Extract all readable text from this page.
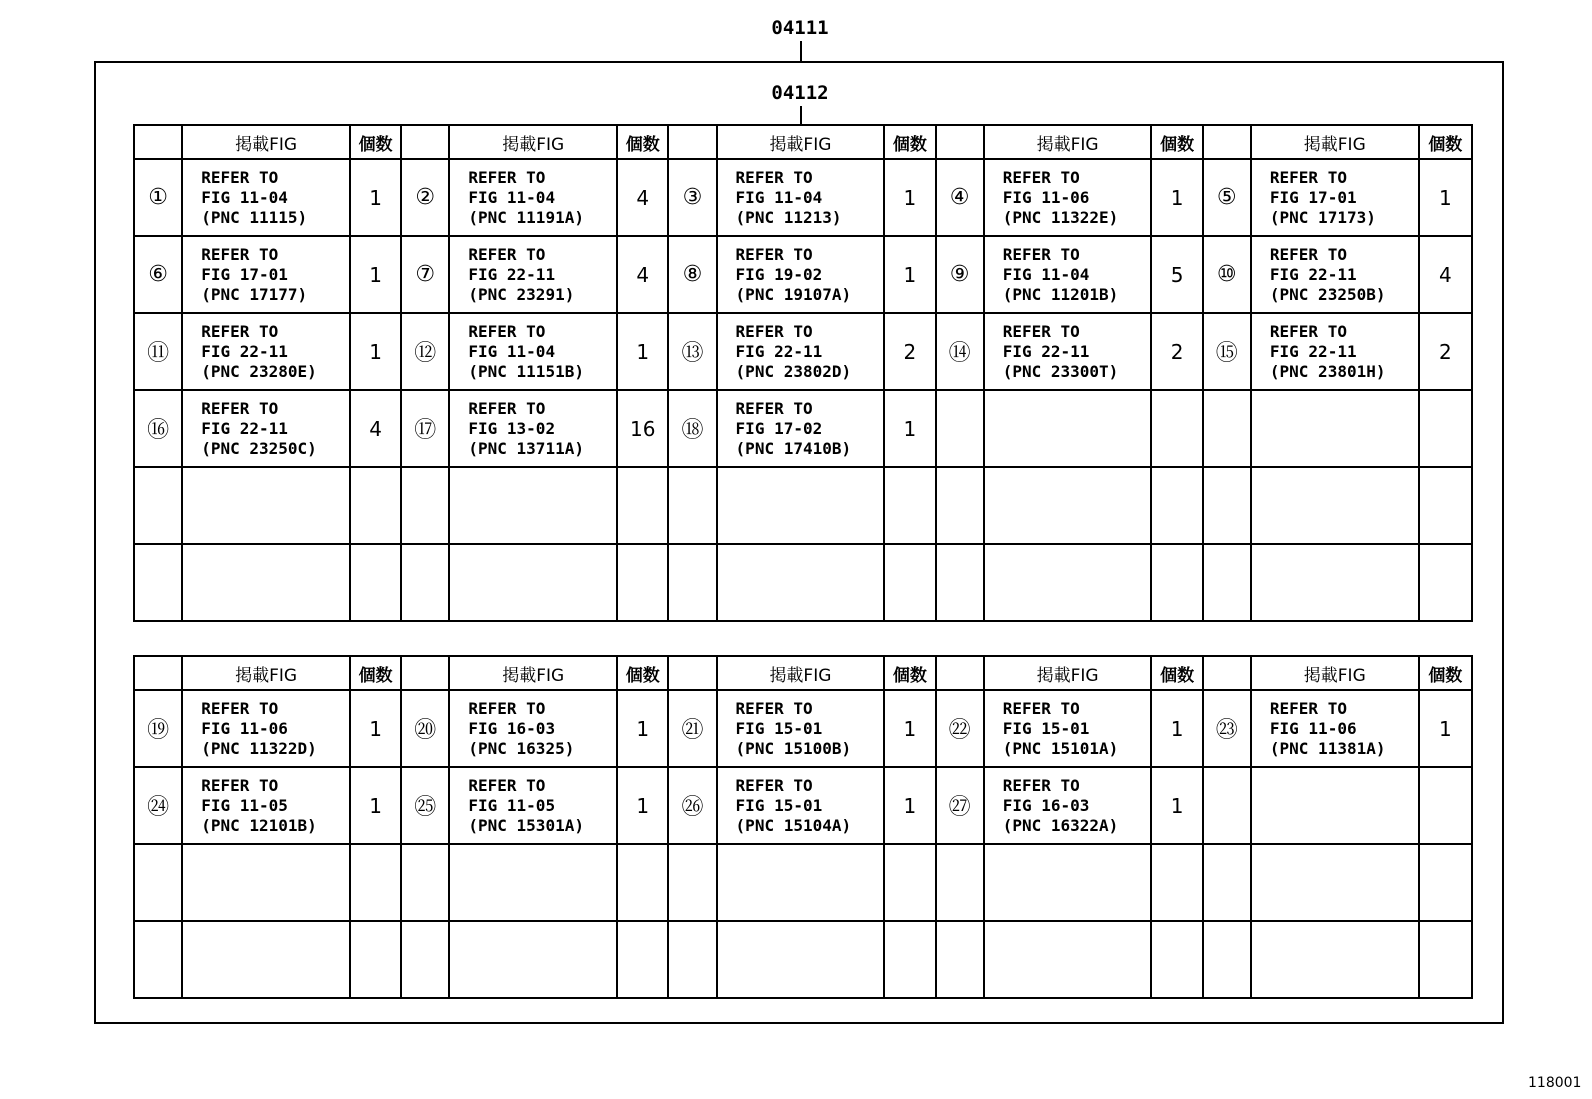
04111
04112
	掲載FIG	個数		掲載FIG	個数		掲載FIG	個数		掲載FIG	個数		掲載FIG	個数
①	REFER TO
FIG 11-04
(PNC 11115)	1	②	REFER TO
FIG 11-04
(PNC 11191A)	4	③	REFER TO
FIG 11-04
(PNC 11213)	1	④	REFER TO
FIG 11-06
(PNC 11322E)	1	⑤	REFER TO
FIG 17-01
(PNC 17173)	1
⑥	REFER TO
FIG 17-01
(PNC 17177)	1	⑦	REFER TO
FIG 22-11
(PNC 23291)	4	⑧	REFER TO
FIG 19-02
(PNC 19107A)	1	⑨	REFER TO
FIG 11-04
(PNC 11201B)	5	⑩	REFER TO
FIG 22-11
(PNC 23250B)	4
⑪	REFER TO
FIG 22-11
(PNC 23280E)	1	⑫	REFER TO
FIG 11-04
(PNC 11151B)	1	⑬	REFER TO
FIG 22-11
(PNC 23802D)	2	⑭	REFER TO
FIG 22-11
(PNC 23300T)	2	⑮	REFER TO
FIG 22-11
(PNC 23801H)	2
⑯	REFER TO
FIG 22-11
(PNC 23250C)	4	⑰	REFER TO
FIG 13-02
(PNC 13711A)	16	⑱	REFER TO
FIG 17-02
(PNC 17410B)	1		

	掲載FIG	個数		掲載FIG	個数		掲載FIG	個数		掲載FIG	個数		掲載FIG	個数
⑲	REFER TO
FIG 11-06
(PNC 11322D)	1	⑳	REFER TO
FIG 16-03
(PNC 16325)	1	㉑	REFER TO
FIG 15-01
(PNC 15100B)	1	㉒	REFER TO
FIG 15-01
(PNC 15101A)	1	㉓	REFER TO
FIG 11-06
(PNC 11381A)	1
㉔	REFER TO
FIG 11-05
(PNC 12101B)	1	㉕	REFER TO
FIG 11-05
(PNC 15301A)	1	㉖	REFER TO
FIG 15-01
(PNC 15104A)	1	㉗	REFER TO
FIG 16-03
(PNC 16322A)	1		

118001
